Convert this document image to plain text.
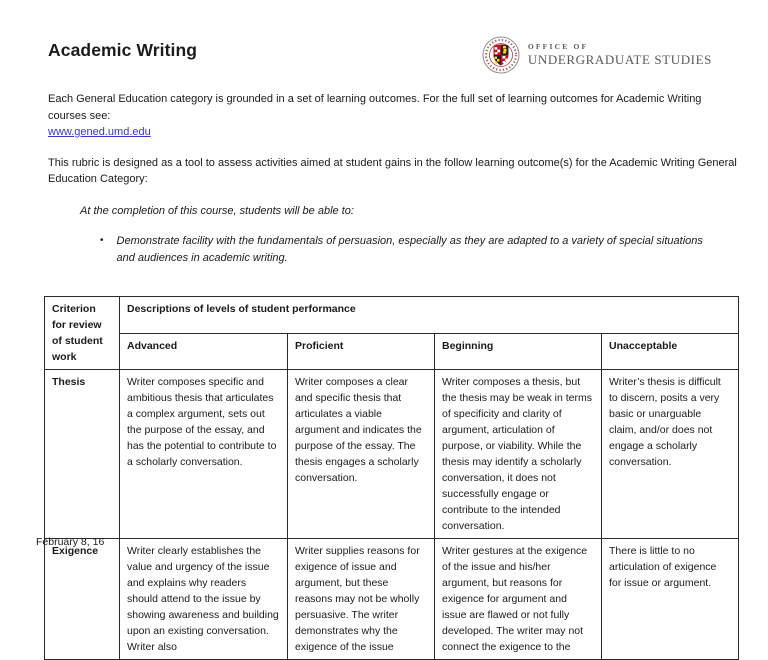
Academic Writing	OFFICE OF
UNDERGRADUATE STUDIES

Each General Education category is grounded in a set of learning outcomes. For the full set of learning outcomes for Academic Writing courses see:

www.gened.umd.edu

This rubric is designed as a tool to assess activities aimed at student gains in the follow learning outcome(s) for the Academic Writing General Education Category:

At the completion of this course, students will be able to:

• Demonstrate facility with the fundamentals of persuasion, especially as they are adapted to a variety of special situations and audiences in academic writing.

Criterion for review of student work	Descriptions of levels of student performance			
	Advanced	Proficient	Beginning	Unacceptable
Thesis	Writer composes specific and ambitious thesis that articulates a complex argument, sets out the purpose of the essay, and has the potential to contribute to a scholarly conversation.	Writer composes a clear and specific thesis that articulates a viable argument and indicates the purpose of the essay. The thesis engages a scholarly conversation.	Writer composes a thesis, but the thesis may be weak in terms of specificity and clarity of argument, articulation of purpose, or viability. While the thesis may identify a scholarly conversation, it does not successfully engage or contribute to the intended conversation.	Writer’s thesis is difficult to discern, posits a very basic or unarguable claim, and/or does not engage a scholarly conversation.
Exigence	Writer clearly establishes the value and urgency of the issue and explains why readers should attend to the issue by showing awareness and building upon an existing conversation. Writer also	Writer supplies reasons for exigence of issue and argument, but these reasons may not be wholly persuasive. The writer demonstrates why the exigence of the issue	Writer gestures at the exigence of the issue and his/her argument, but reasons for exigence for argument and issue are flawed or not fully developed. The writer may not connect the exigence to the	There is little to no articulation of exigence for issue or argument.
February 8, 16
